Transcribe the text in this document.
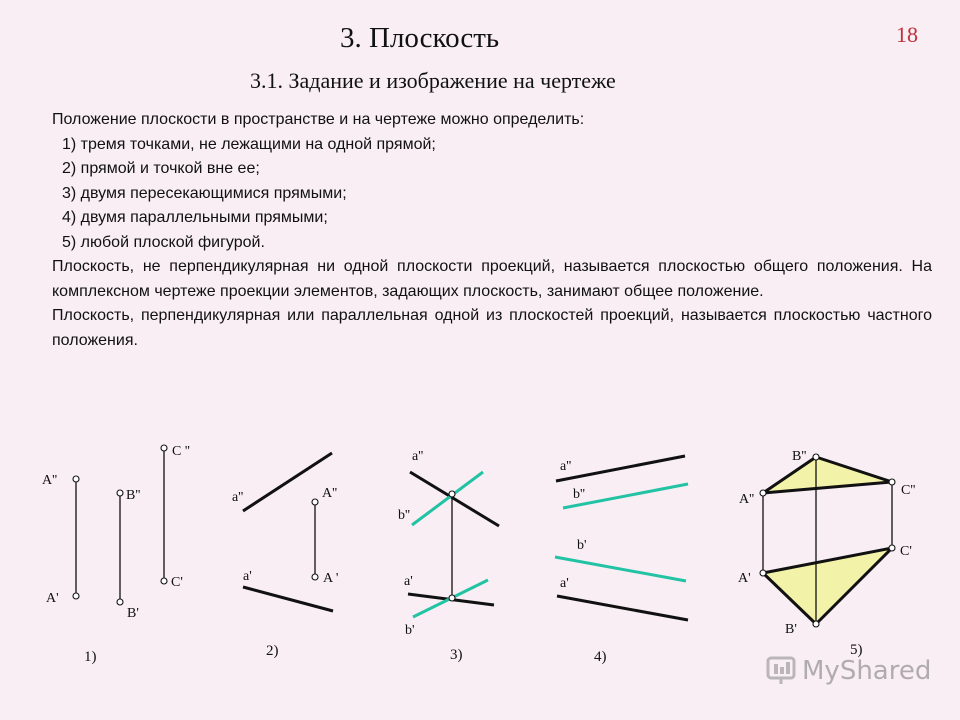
3. Плоскость	18
3.1. Задание и изображение на чертеже

Положение плоскости в пространстве и на чертеже можно определить:

1) тремя точками, не лежащими на одной прямой;

2) прямой и точкой вне ее;

3) двумя пересекающимися прямыми;

4) двумя параллельными прямыми;

5) любой плоской фигурой.

Плоскость, не перпендикулярная ни одной плоскости проекций, называется плоскостью общего положения. На комплексном чертеже проекции элементов, задающих плоскость, занимают общее положение.

Плоскость, перпендикулярная или параллельная одной из плоскостей проекций, называется плоскостью частного положения.

A''
A'
B''
B'
C ''
C'
1)
a''
a'
A''
A '
2)
a''
b''
a'
b'
3)
a''
b''
b'
a'
4)
B''
A''
C''
C'
A'
B'
5)
MyShared
